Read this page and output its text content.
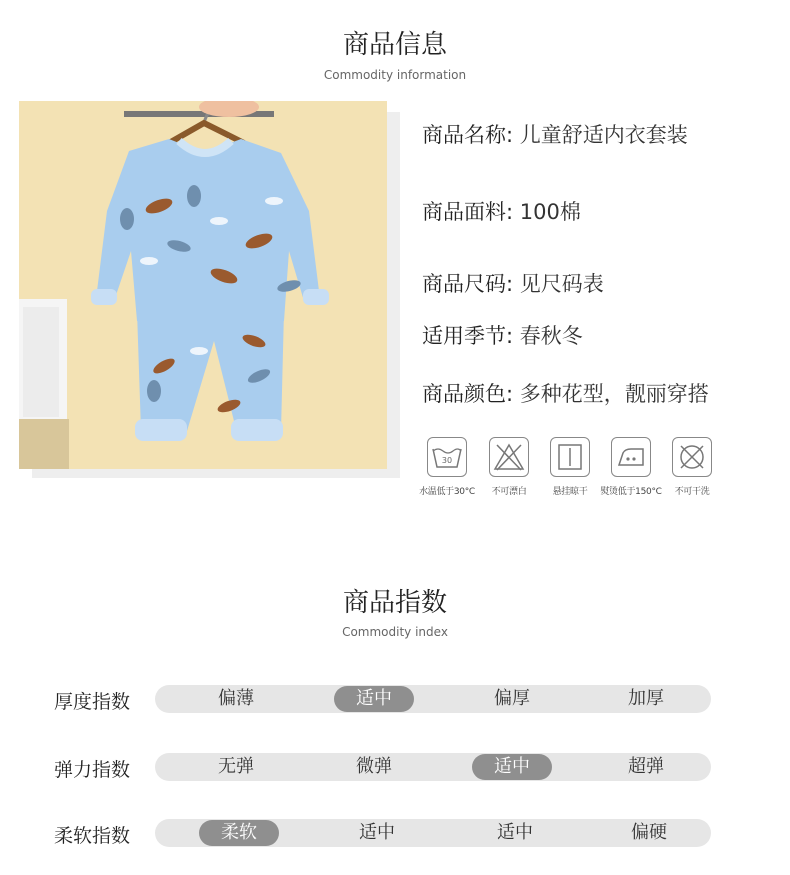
商品信息
Commodity information
商品名称: 儿童舒适内衣套装
商品面料: 100棉
商品尺码: 见尺码表
适用季节: 春秋冬
商品颜色: 多种花型，靓丽穿搭
30
水温低于30°C	不可漂白	悬挂晾干	熨烫低于150°C	不可干洗
商品指数
Commodity index
厚度指数	偏薄	适中	偏厚	加厚
弹力指数	无弹	微弹	适中	超弹
柔软指数	柔软	适中	适中	偏硬
